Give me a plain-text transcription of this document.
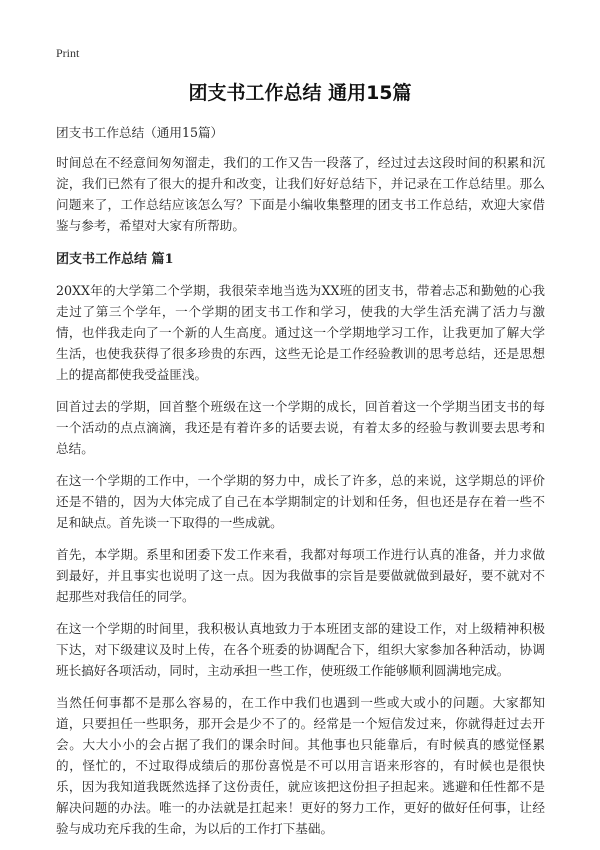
Print
团支书工作总结 通用15篇

团支书工作总结（通用15篇）

时间总在不经意间匆匆溜走，我们的工作又告一段落了，经过过去这段时间的积累和沉淀，我们已然有了很大的提升和改变，让我们好好总结下，并记录在工作总结里。那么问题来了，工作总结应该怎么写？下面是小编收集整理的团支书工作总结，欢迎大家借鉴与参考，希望对大家有所帮助。

团支书工作总结 篇1

20XX年的大学第二个学期，我很荣幸地当选为XX班的团支书，带着忐忑和勤勉的心我走过了第三个学年，一个学期的团支书工作和学习，使我的大学生活充满了活力与激情，也伴我走向了一个新的人生高度。通过这一个学期地学习工作，让我更加了解大学生活，也使我获得了很多珍贵的东西，这些无论是工作经验教训的思考总结，还是思想上的提高都使我受益匪浅。

回首过去的学期，回首整个班级在这一个学期的成长，回首着这一个学期当团支书的每一个活动的点点滴滴，我还是有着许多的话要去说，有着太多的经验与教训要去思考和总结。

在这一个学期的工作中，一个学期的努力中，成长了许多，总的来说，这学期总的评价还是不错的，因为大体完成了自己在本学期制定的计划和任务，但也还是存在着一些不足和缺点。首先谈一下取得的一些成就。

首先，本学期。系里和团委下发工作来看，我都对每项工作进行认真的准备，并力求做到最好，并且事实也说明了这一点。因为我做事的宗旨是要做就做到最好，要不就对不起那些对我信任的同学。

在这一个学期的时间里，我积极认真地致力于本班团支部的建设工作，对上级精神积极下达，对下级建议及时上传，在各个班委的协调配合下，组织大家参加各种活动，协调班长搞好各项活动，同时，主动承担一些工作，使班级工作能够顺利圆满地完成。

当然任何事都不是那么容易的，在工作中我们也遇到一些或大或小的问题。大家都知道，只要担任一些职务，那开会是少不了的。经常是一个短信发过来，你就得赶过去开会。大大小小的会占据了我们的课余时间。其他事也只能靠后，有时候真的感觉怪累的，怪忙的，不过取得成绩后的那份喜悦是不可以用言语来形容的，有时候也是很快乐，因为我知道我既然选择了这份责任，就应该把这份担子担起来。逃避和任性都不是解决问题的办法。唯一的办法就是扛起来！更好的努力工作，更好的做好任何事，让经验与成功充斥我的生命，为以后的工作打下基础。
